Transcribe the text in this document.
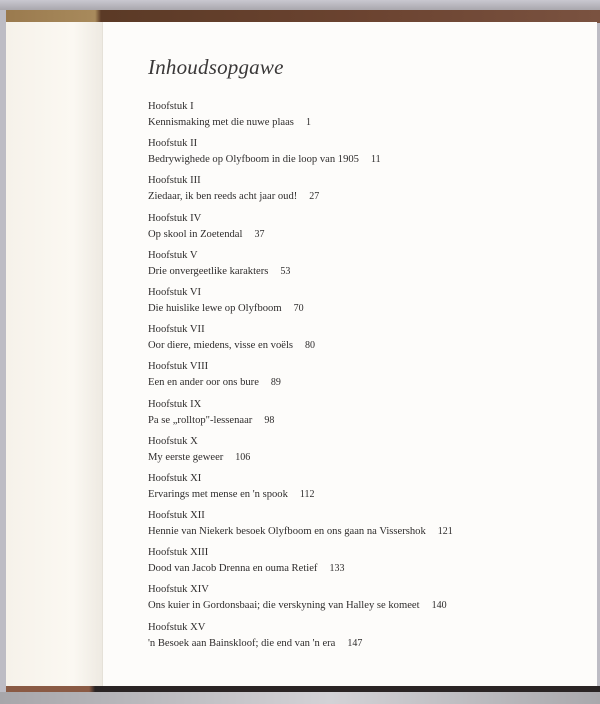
Inhoudsopgawe
Hoofstuk I
Kennismaking met die nuwe plaas 1
Hoofstuk II
Bedrywighede op Olyfboom in die loop van 1905 11
Hoofstuk III
Ziedaar, ik ben reeds acht jaar oud! 27
Hoofstuk IV
Op skool in Zoetendal 37
Hoofstuk V
Drie onvergeetlike karakters 53
Hoofstuk VI
Die huislike lewe op Olyfboom 70
Hoofstuk VII
Oor diere, miedens, visse en voëls 80
Hoofstuk VIII
Een en ander oor ons bure 89
Hoofstuk IX
Pa se „rolltop"-lessenaar 98
Hoofstuk X
My eerste geweer 106
Hoofstuk XI
Ervarings met mense en 'n spook 112
Hoofstuk XII
Hennie van Niekerk besoek Olyfboom en ons gaan na Vissershok 121
Hoofstuk XIII
Dood van Jacob Drenna en ouma Retief 133
Hoofstuk XIV
Ons kuier in Gordonsbaai; die verskyning van Halley se komeet 140
Hoofstuk XV
'n Besoek aan Bainskloof; die end van 'n era 147
